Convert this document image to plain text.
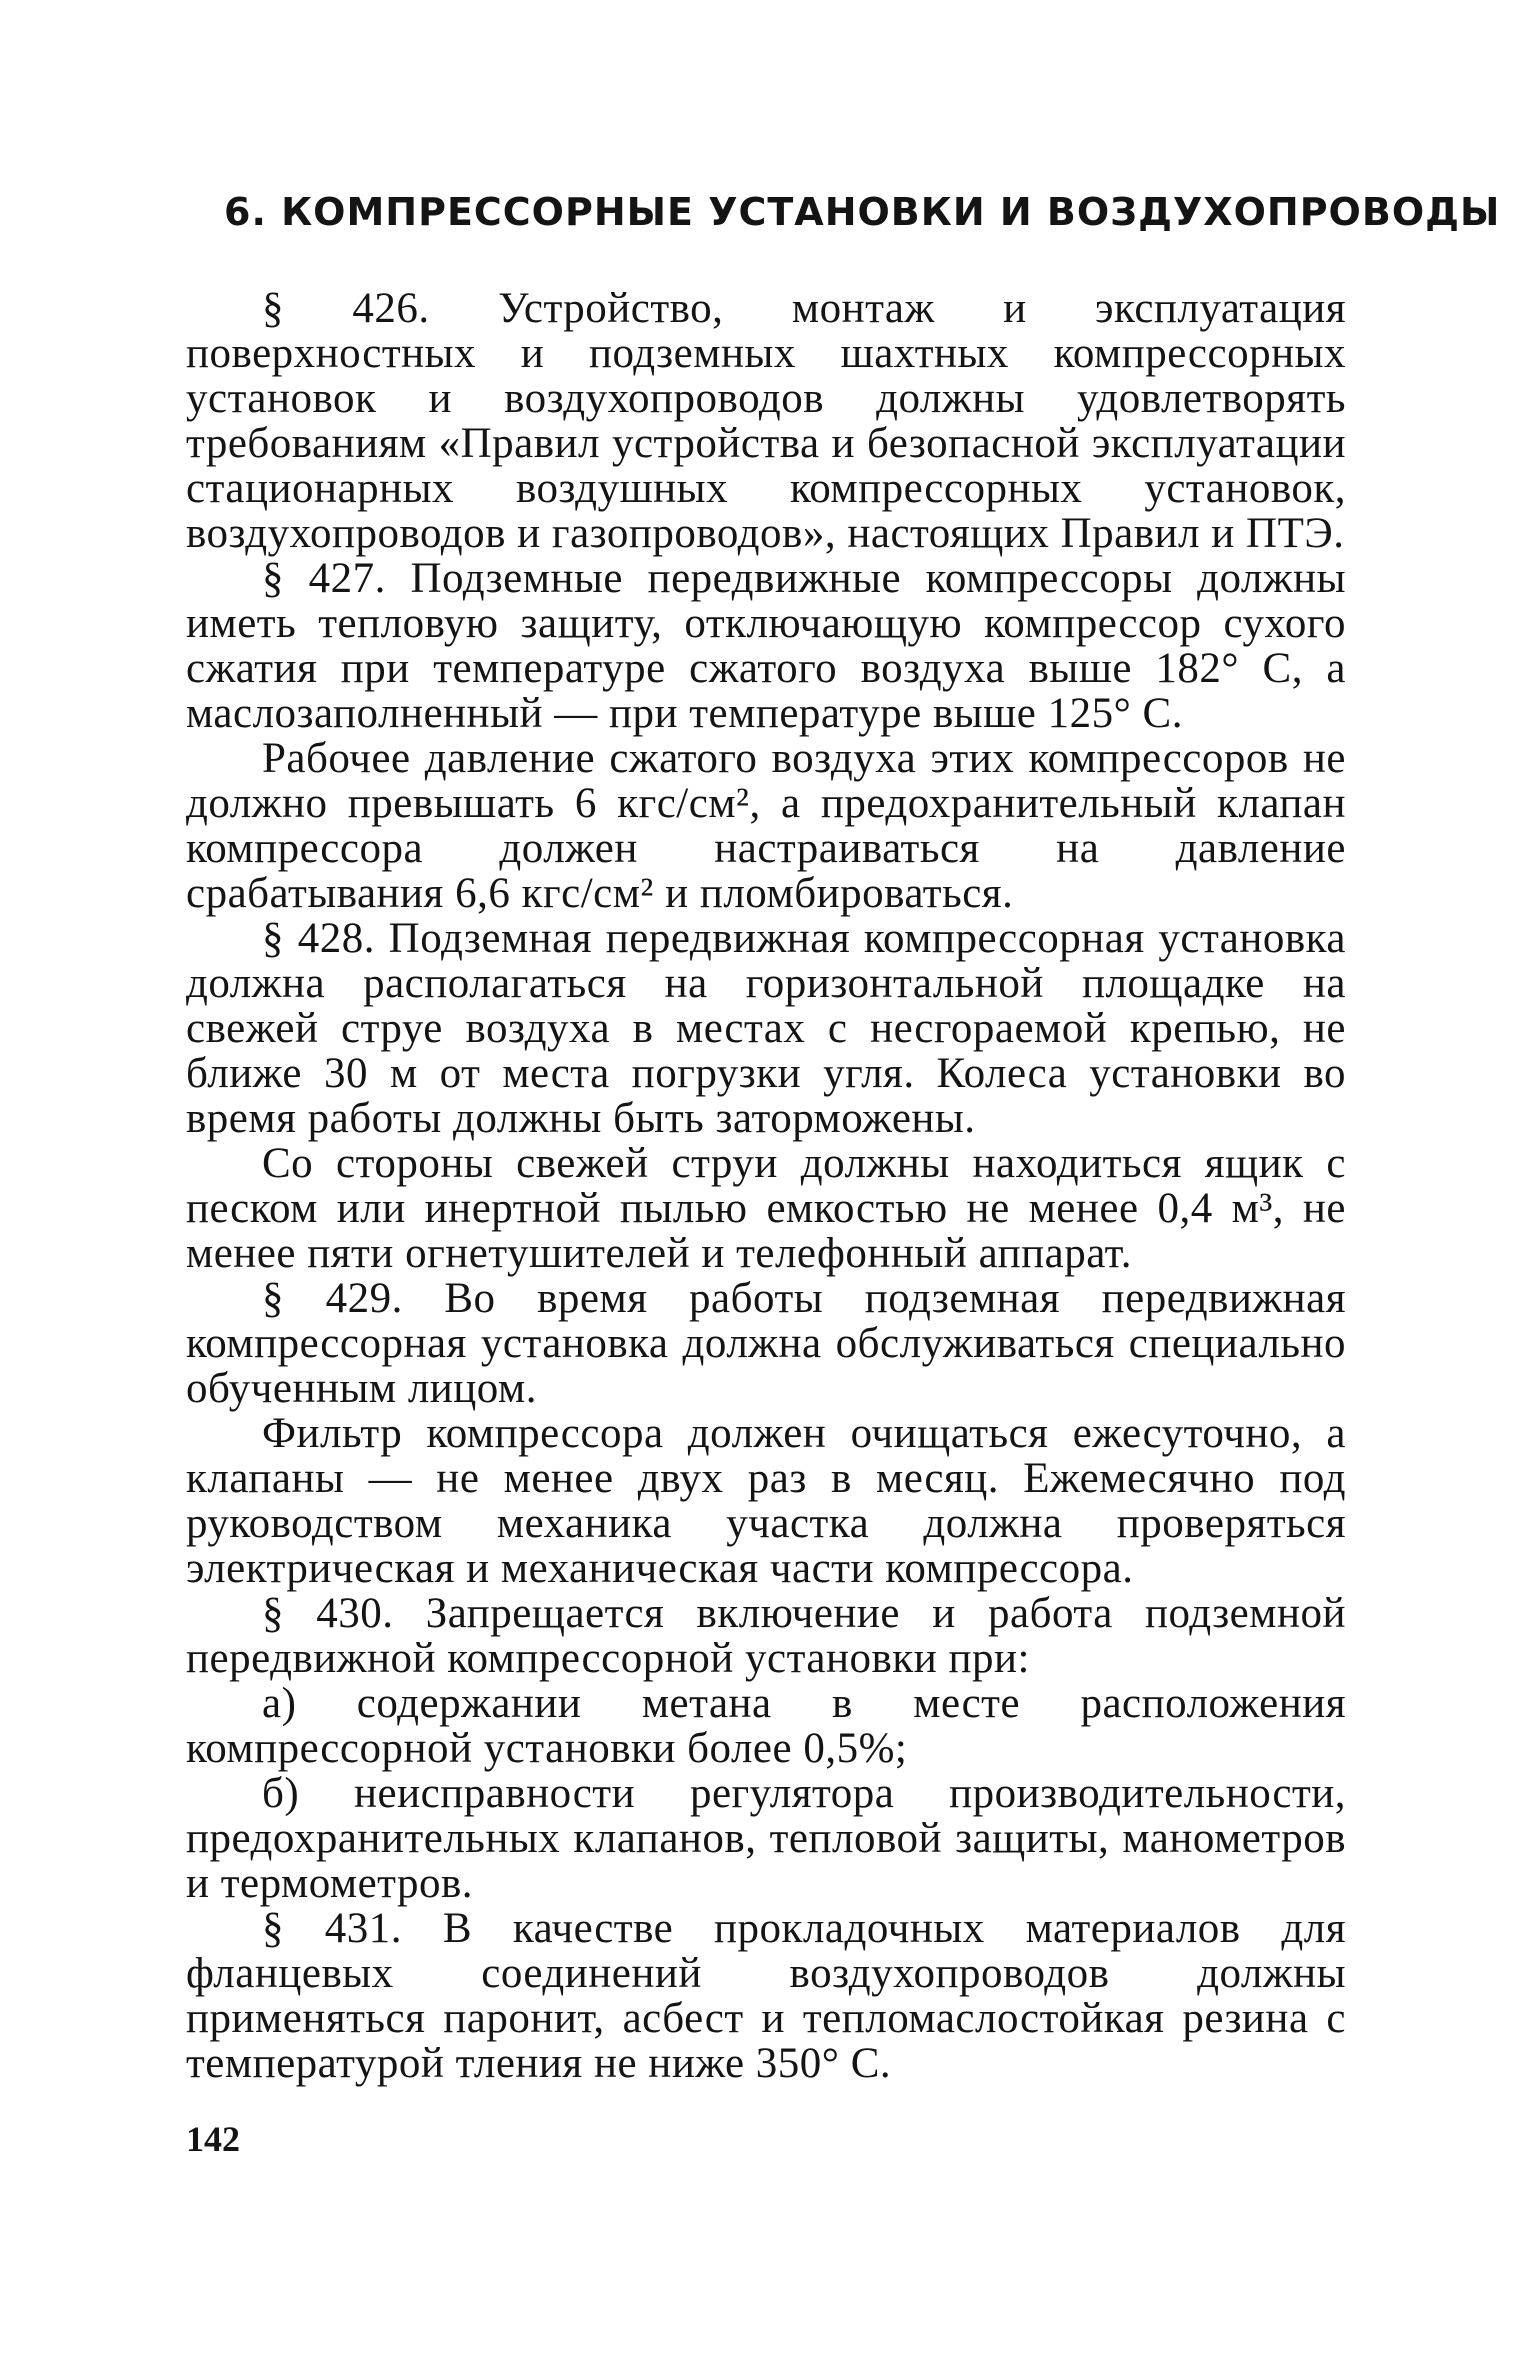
6. КОМПРЕССОРНЫЕ УСТАНОВКИ И ВОЗДУХОПРОВОДЫ

§ 426. Устройство, монтаж и эксплуатация поверхностных и подземных шахтных компрессорных установок и воздухопроводов должны удовлетворять требованиям «Правил устройства и безопасной эксплуатации стационарных воздушных компрессорных установок, воздухопроводов и газопроводов», настоящих Правил и ПТЭ.

§ 427. Подземные передвижные компрессоры должны иметь тепловую защиту, отключающую компрессор сухого сжатия при температуре сжатого воздуха выше 182° С, а маслозаполненный — при температуре выше 125° С.

Рабочее давление сжатого воздуха этих компрессоров не должно превышать 6 кгс/см², а предохранительный клапан компрессора должен настраиваться на давление срабатывания 6,6 кгс/см² и пломбироваться.

§ 428. Подземная передвижная компрессорная установка должна располагаться на горизонтальной площадке на свежей струе воздуха в местах с несгораемой крепью, не ближе 30 м от места погрузки угля. Колеса установки во время работы должны быть заторможены.

Со стороны свежей струи должны находиться ящик с песком или инертной пылью емкостью не менее 0,4 м³, не менее пяти огнетушителей и телефонный аппарат.

§ 429. Во время работы подземная передвижная компрессорная установка должна обслуживаться специально обученным лицом.

Фильтр компрессора должен очищаться ежесуточно, а клапаны — не менее двух раз в месяц. Ежемесячно под руководством механика участка должна проверяться электрическая и механическая части компрессора.

§ 430. Запрещается включение и работа подземной передвижной компрессорной установки при:

а) содержании метана в месте расположения компрессорной установки более 0,5%;

б) неисправности регулятора производительности, предохранительных клапанов, тепловой защиты, манометров и термометров.

§ 431. В качестве прокладочных материалов для фланцевых соединений воздухопроводов должны применяться паронит, асбест и тепломаслостойкая резина с температурой тления не ниже 350° С.

142
